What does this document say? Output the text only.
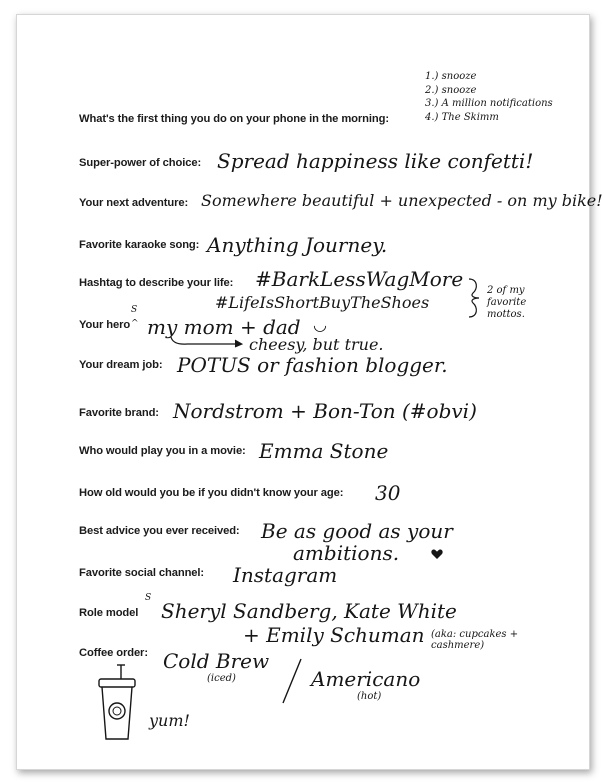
1.) snooze
2.) snooze
3.) A million notifications
4.) The Skimm
What's the first thing you do on your phone in the morning:
Super-power of choice: Spread happiness like confetti!
Your next adventure: Somewhere beautiful + unexpected - on my bike!
Favorite karaoke song: Anything Journey.
Hashtag to describe your life: #BarkLessWagMore
#LifeIsShortBuyTheShoes
2 of my favorite mottos.
Your hero
S
^ my mom + dad ◡
cheesy, but true.
Your dream job: POTUS or fashion blogger.
Favorite brand: Nordstrom + Bon-Ton (#obvi)
Who would play you in a movie: Emma Stone
How old would you be if you didn't know your age: 30
Best advice you ever received: Be as good as your
ambitions.
Favorite social channel: Instagram
Role model
S
Sheryl Sandberg, Kate White
+ Emily Schuman (aka: cupcakes + cashmere)
Coffee order: Cold Brew
(iced)	Americano
(hot)
yum!
